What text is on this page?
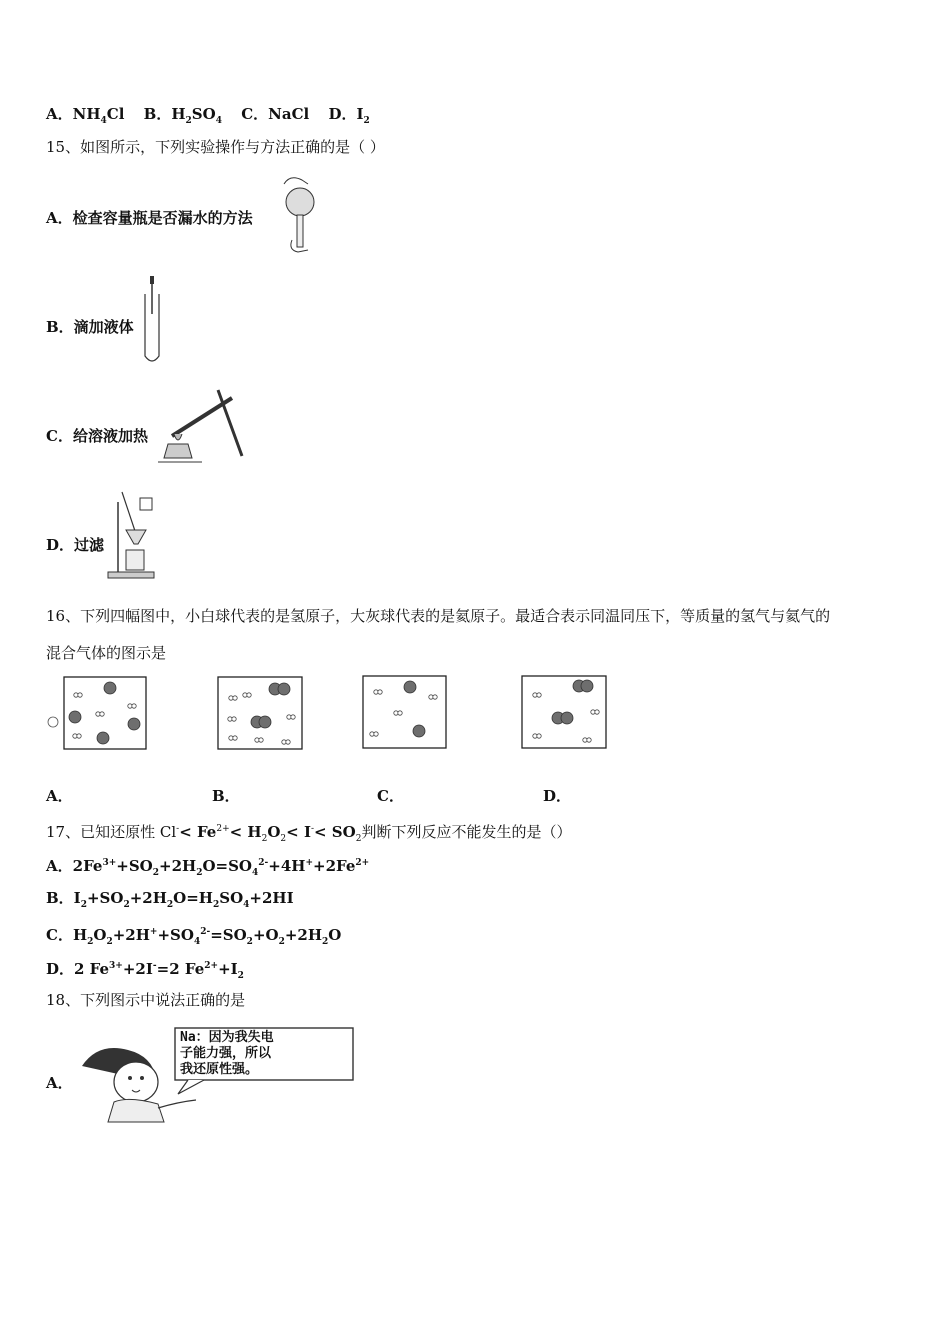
A．$NH_4Cl$ B．$H_2SO_4$ C．NaCl D．$I_2$
15、如图所示，下列实验操作与方法正确的是（ ）
A．检查容量瓶是否漏水的方法
B．滴加液体
C．给溶液加热
D．过滤
16、下列四幅图中，小白球代表的是氢原子，大灰球代表的是氦原子。最适合表示同温同压下，等质量的氢气与氦气的
混合气体的图示是
A．	B．	C．	D．
17、已知还原性 $Cl^-< Fe^{2+}< H_2O_2< I^-< SO_2$判断下列反应不能发生的是（）
A．$2Fe^{3+}+SO_2+2H_2O=SO_4^{2-}+4H^++2Fe^{2+}$
B．$I_2+SO_2+2H_2O=H_2SO_4+2HI$
C．$H_2O_2+2H^++SO_4^{2-}=SO_2+O_2+2H_2O$
D．2 $Fe^{3+}+2I^-=2$ $Fe^{2+}+I_2$
18、下列图示中说法正确的是
A．
Na：因为我失电
子能力强，所以
我还原性强。
